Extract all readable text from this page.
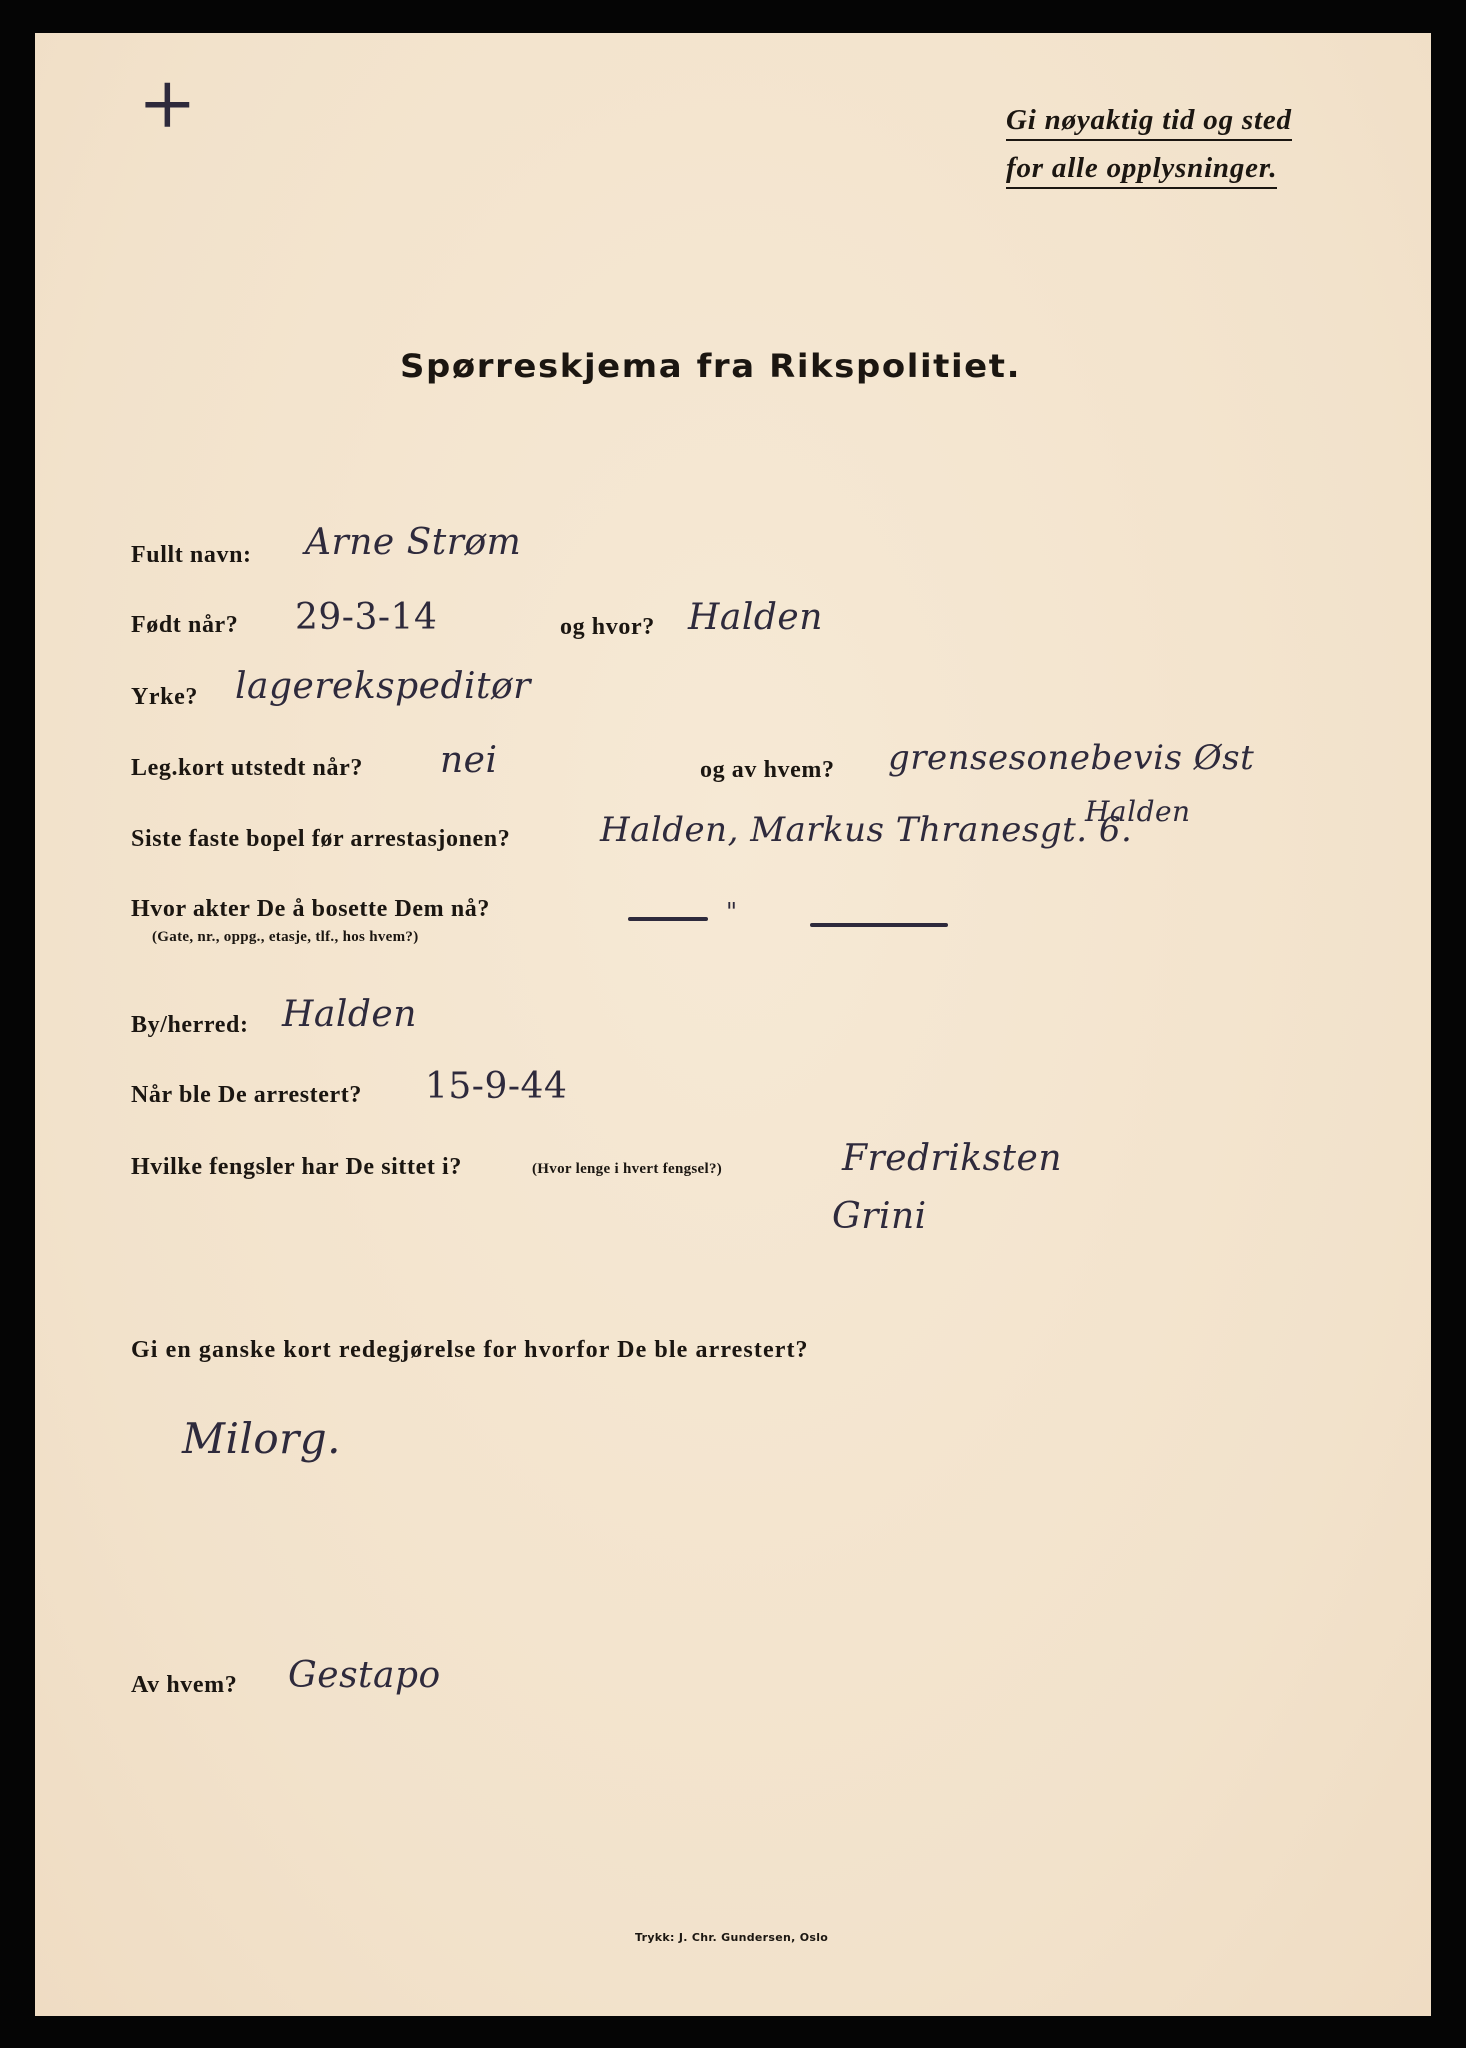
+	Gi nøyaktig tid og sted
for alle opplysninger.
Spørreskjema fra Rikspolitiet.
Fullt navn: Arne Strøm
Født når? 29-3-14	og hvor? Halden
Yrke? lagerekspeditør
Leg.kort utstedt når? nei	og av hvem? grensesonebevis Øst
Siste faste bopel før arrestasjonen?	Halden, Markus Thranesgt. 6.
Halden
Hvor akter De å bosette Dem nå?
(Gate, nr., oppg., etasje, tlf., hos hvem?)
"
By/herred: Halden
Når ble De arrestert? 15-9-44
Hvilke fengsler har De sittet i?	(Hvor lenge i hvert fengsel?)	Fredriksten
Grini
Gi en ganske kort redegjørelse for hvorfor De ble arrestert?
Milorg.
Av hvem? Gestapo
Trykk: J. Chr. Gundersen, Oslo
